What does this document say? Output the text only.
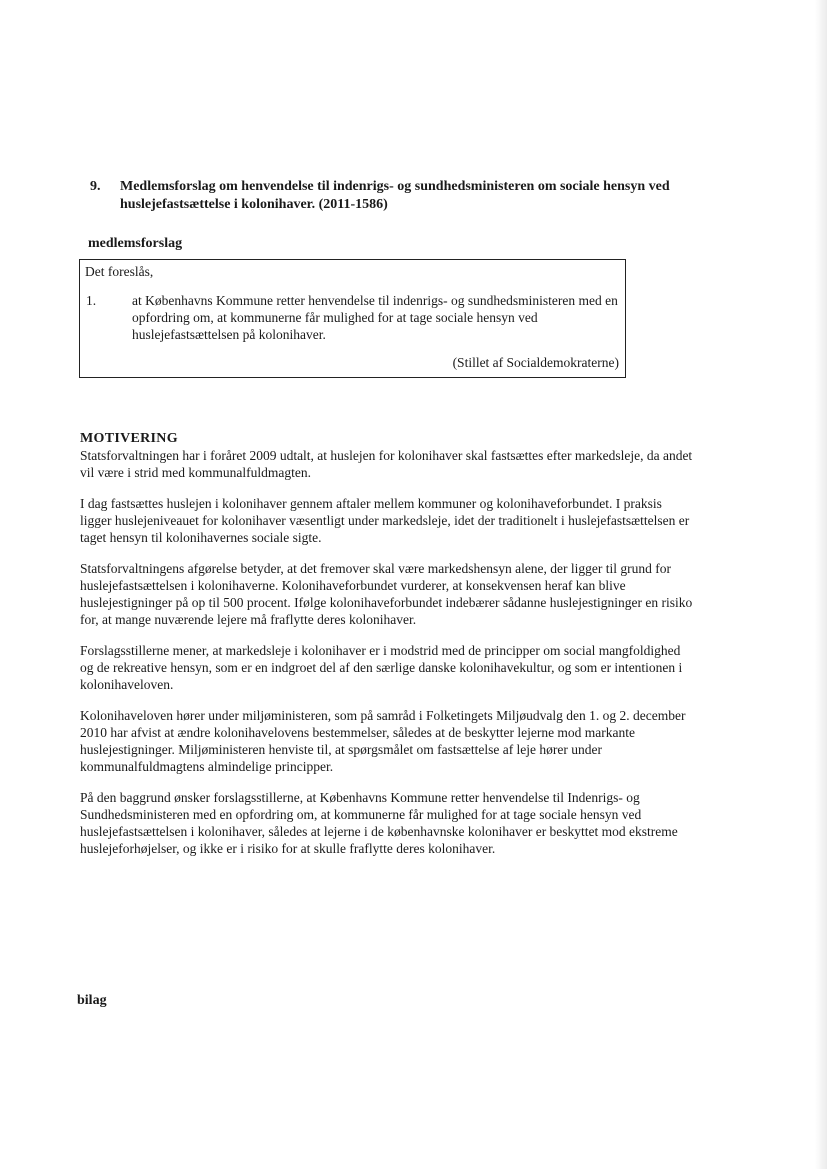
9.	Medlemsforslag om henvendelse til indenrigs- og sundhedsministeren om sociale hensyn ved huslejefastsættelse i kolonihaver. (2011-1586)
medlemsforslag
Det foreslås,
1.	at Københavns Kommune retter henvendelse til indenrigs- og sundhedsministeren med en opfordring om, at kommunerne får mulighed for at tage sociale hensyn ved huslejefastsættelsen på kolonihaver.
(Stillet af Socialdemokraterne)
MOTIVERING

Statsforvaltningen har i foråret 2009 udtalt, at huslejen for kolonihaver skal fastsættes efter markedsleje, da andet vil være i strid med kommunalfuldmagten.

I dag fastsættes huslejen i kolonihaver gennem aftaler mellem kommuner og kolonihaveforbundet. I praksis ligger huslejeniveauet for kolonihaver væsentligt under markedsleje, idet der traditionelt i huslejefastsættelsen er taget hensyn til kolonihavernes sociale sigte.

Statsforvaltningens afgørelse betyder, at det fremover skal være markedshensyn alene, der ligger til grund for huslejefastsættelsen i kolonihaverne. Kolonihaveforbundet vurderer, at konsekvensen heraf kan blive huslejestigninger på op til 500 procent. Ifølge kolonihaveforbundet indebærer sådanne huslejestigninger en risiko for, at mange nuværende lejere må fraflytte deres kolonihaver.

Forslagsstillerne mener, at markedsleje i kolonihaver er i modstrid med de principper om social mangfoldighed og de rekreative hensyn, som er en indgroet del af den særlige danske kolonihavekultur, og som er intentionen i kolonihaveloven.

Kolonihaveloven hører under miljøministeren, som på samråd i Folketingets Miljøudvalg den 1. og 2. december 2010 har afvist at ændre kolonihavelovens bestemmelser, således at de beskytter lejerne mod markante huslejestigninger. Miljøministeren henviste til, at spørgsmålet om fastsættelse af leje hører under kommunalfuldmagtens almindelige principper.

På den baggrund ønsker forslagsstillerne, at Københavns Kommune retter henvendelse til Indenrigs- og Sundhedsministeren med en opfordring om, at kommunerne får mulighed for at tage sociale hensyn ved huslejefastsættelsen i kolonihaver, således at lejerne i de københavnske kolonihaver er beskyttet mod ekstreme huslejeforhøjelser, og ikke er i risiko for at skulle fraflytte deres kolonihaver.

bilag
